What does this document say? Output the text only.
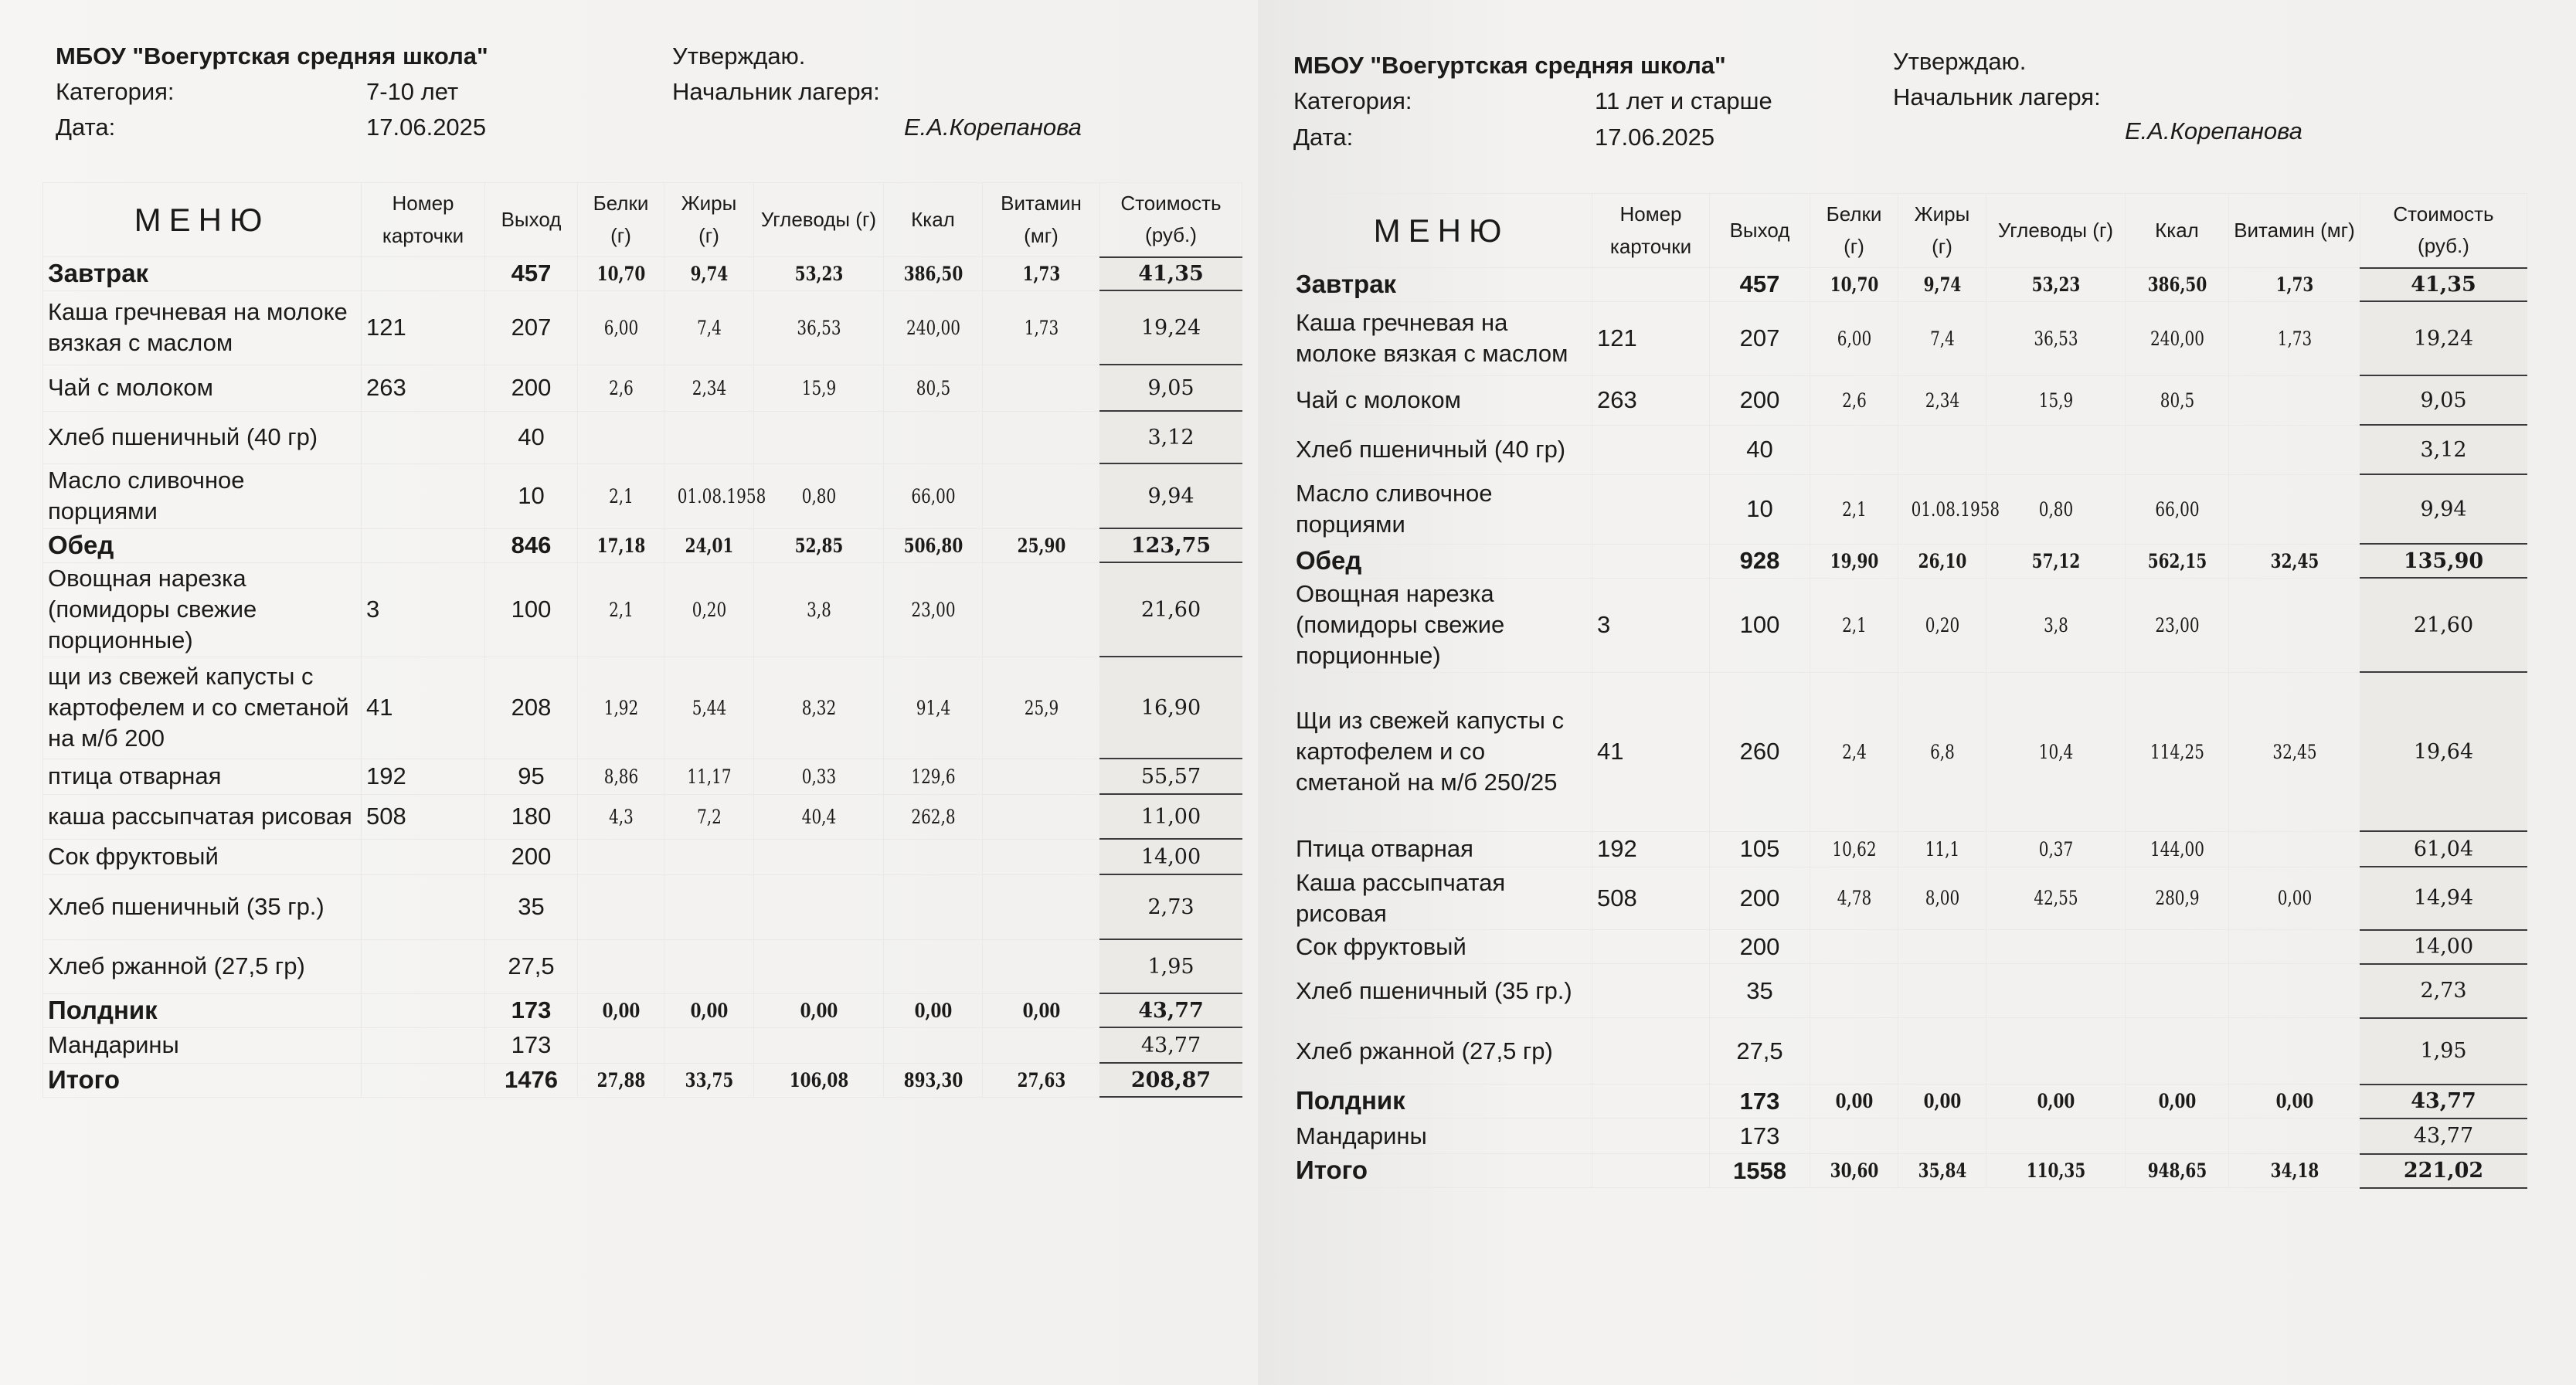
МБОУ "Воегуртская средняя школа"
Категория:	7-10 лет
Дата:	17.06.2025
Утверждаю.
Начальник лагеря:
Е.А.Корепанова
МЕНЮ	Номер карточки	Выход	Белки (г)	Жиры (г)	Углеводы (г)	Ккал	Витамин (мг)	Стоимость (руб.)
Завтрак		457	10,70	9,74	53,23	386,50	1,73	41,35
Каша гречневая на молоке вязкая с маслом	121	207	6,00	7,4	36,53	240,00	1,73	19,24
Чай с молоком	263	200	2,6	2,34	15,9	80,5		9,05
Хлеб пшеничный (40 гр)		40						3,12
Масло сливочное порциями		10	2,1	01.08.1958	0,80	66,00		9,94
Обед		846	17,18	24,01	52,85	506,80	25,90	123,75
Овощная нарезка (помидоры свежие порционные)	3	100	2,1	0,20	3,8	23,00		21,60
щи из свежей капусты с картофелем и со сметаной на м/б 200	41	208	1,92	5,44	8,32	91,4	25,9	16,90
птица отварная	192	95	8,86	11,17	0,33	129,6		55,57
каша рассыпчатая рисовая	508	180	4,3	7,2	40,4	262,8		11,00
Сок фруктовый		200						14,00
Хлеб пшеничный (35 гр.)		35						2,73
Хлеб ржанной (27,5 гр)		27,5						1,95
Полдник		173	0,00	0,00	0,00	0,00	0,00	43,77
Мандарины		173						43,77
Итого		1476	27,88	33,75	106,08	893,30	27,63	208,87
МБОУ "Воегуртская средняя школа"
Категория:	11 лет и старше
Дата:	17.06.2025
Утверждаю.
Начальник лагеря:
Е.А.Корепанова
МЕНЮ	Номер карточки	Выход	Белки (г)	Жиры (г)	Углеводы (г)	Ккал	Витамин (мг)	Стоимость (руб.)
Завтрак		457	10,70	9,74	53,23	386,50	1,73	41,35
Каша гречневая на молоке вязкая с маслом	121	207	6,00	7,4	36,53	240,00	1,73	19,24
Чай с молоком	263	200	2,6	2,34	15,9	80,5		9,05
Хлеб пшеничный (40 гр)		40						3,12
Масло сливочное порциями		10	2,1	01.08.1958	0,80	66,00		9,94
Обед		928	19,90	26,10	57,12	562,15	32,45	135,90
Овощная нарезка (помидоры свежие порционные)	3	100	2,1	0,20	3,8	23,00		21,60
Щи из свежей капусты с картофелем и со сметаной на м/б 250/25	41	260	2,4	6,8	10,4	114,25	32,45	19,64
Птица отварная	192	105	10,62	11,1	0,37	144,00		61,04
Каша рассыпчатая рисовая	508	200	4,78	8,00	42,55	280,9	0,00	14,94
Сок фруктовый		200						14,00
Хлеб пшеничный (35 гр.)		35						2,73
Хлеб ржанной (27,5 гр)		27,5						1,95
Полдник		173	0,00	0,00	0,00	0,00	0,00	43,77
Мандарины		173						43,77
Итого		1558	30,60	35,84	110,35	948,65	34,18	221,02
